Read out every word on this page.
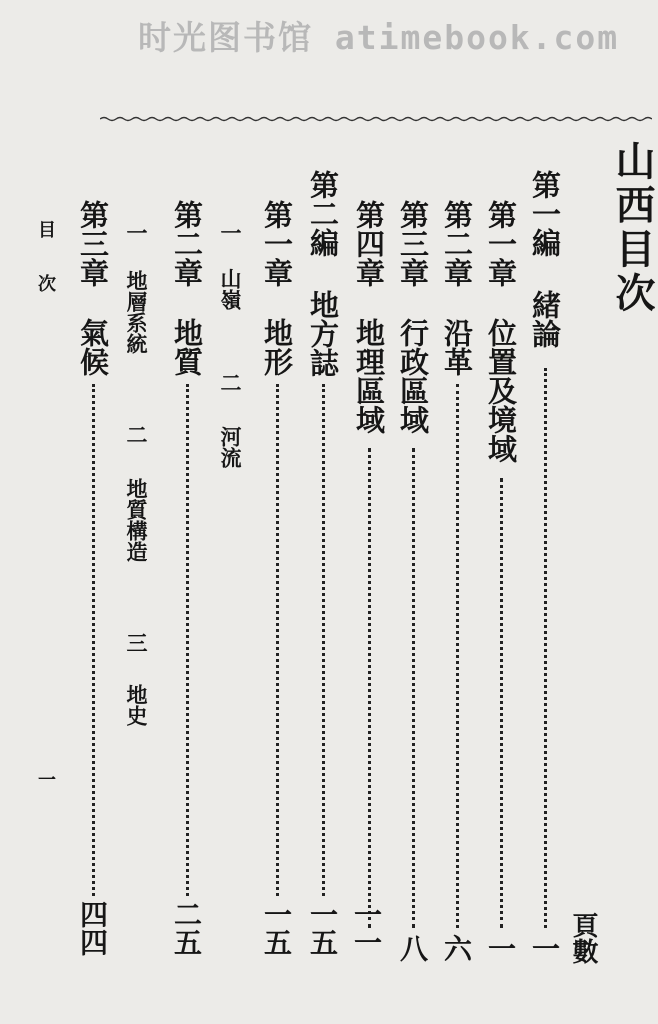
时光图书馆 atimebook.com
山西目次
頁數
第一編
緒論
一
第一章
位置及境域
一
第二章
沿革
六
第三章
行政區域
八
第四章
地理區域
一一
第二編
地方誌
一五
第一章
地形
一五
一
山嶺
二
河流
第二章
地質
二五
一
地層系統
二
地質構造
三
地史
第三章
氣候
四四
目次
一
